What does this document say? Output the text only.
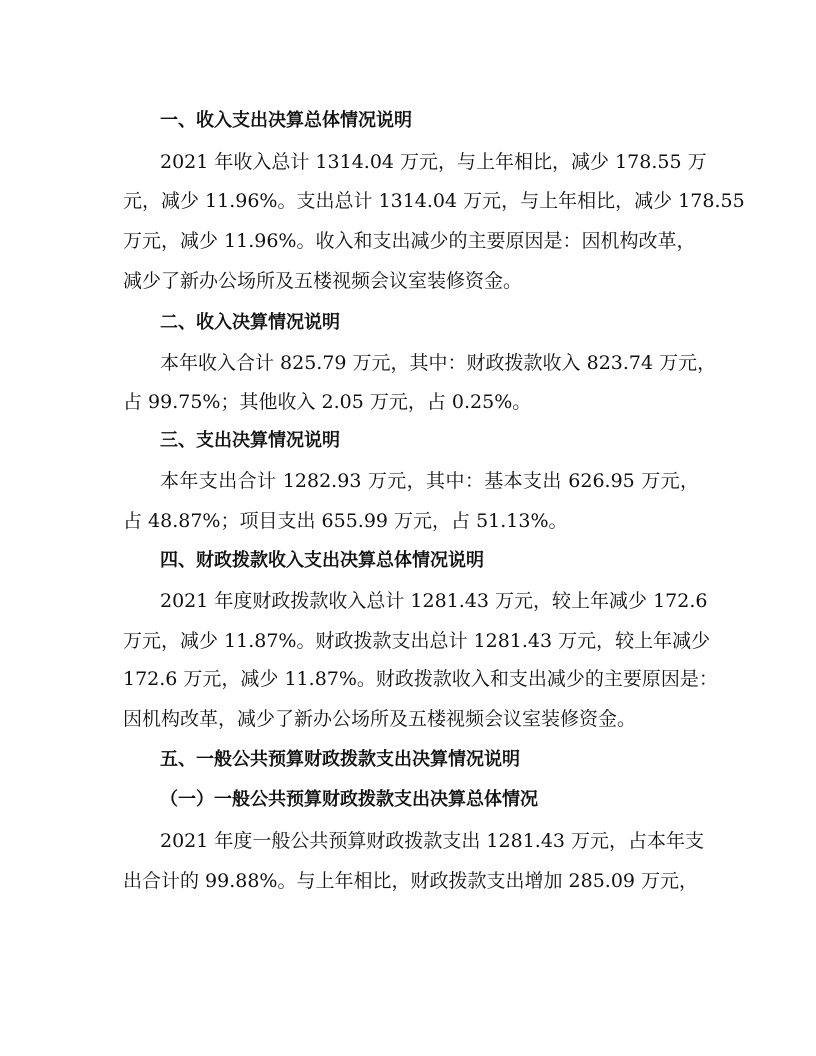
一、收入支出决算总体情况说明
2021 年收入总计 1314.04 万元，与上年相比，减少 178.55 万
元，减少 11.96%。支出总计 1314.04 万元，与上年相比，减少 178.55
万元，减少 11.96%。收入和支出减少的主要原因是：因机构改革，
减少了新办公场所及五楼视频会议室装修资金。
二、收入决算情况说明
本年收入合计 825.79 万元，其中：财政拨款收入 823.74 万元，
占 99.75%；其他收入 2.05 万元，占 0.25%。
三、支出决算情况说明
本年支出合计 1282.93 万元，其中：基本支出 626.95 万元，
占 48.87%；项目支出 655.99 万元，占 51.13%。
四、财政拨款收入支出决算总体情况说明
2021 年度财政拨款收入总计 1281.43 万元，较上年减少 172.6
万元，减少 11.87%。财政拨款支出总计 1281.43 万元，较上年减少
172.6 万元，减少 11.87%。财政拨款收入和支出减少的主要原因是：
因机构改革，减少了新办公场所及五楼视频会议室装修资金。
五、一般公共预算财政拨款支出决算情况说明
（一）一般公共预算财政拨款支出决算总体情况
2021 年度一般公共预算财政拨款支出 1281.43 万元，占本年支
出合计的 99.88%。与上年相比，财政拨款支出增加 285.09 万元，
